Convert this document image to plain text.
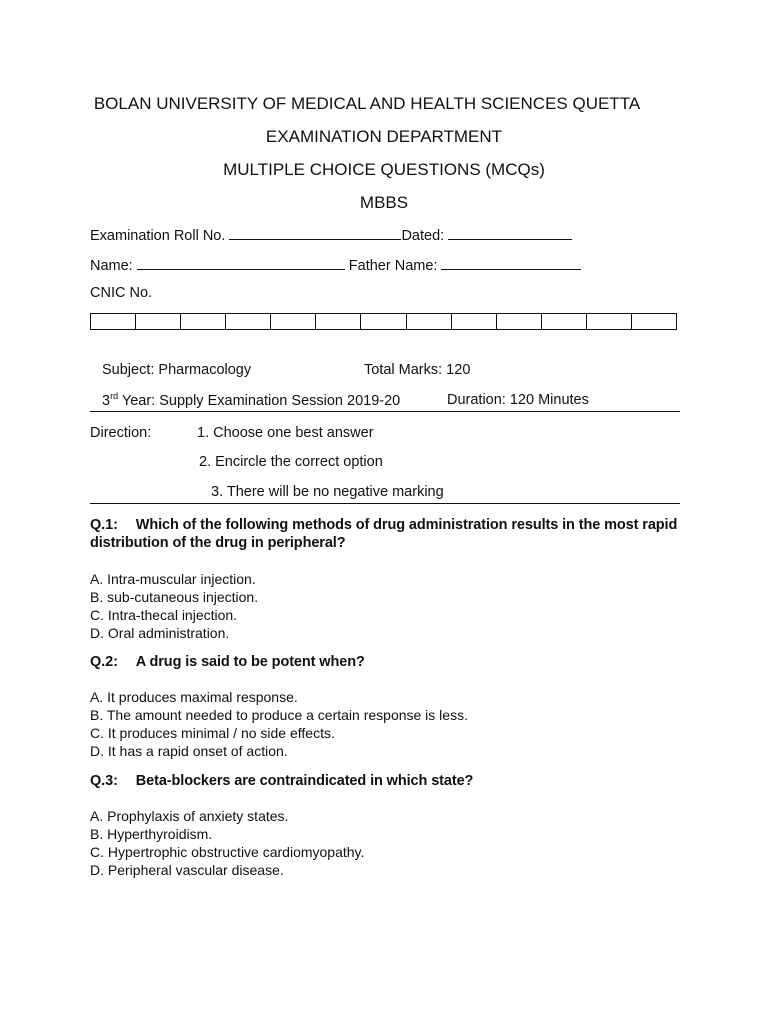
BOLAN UNIVERSITY OF MEDICAL AND HEALTH SCIENCES QUETTA
EXAMINATION DEPARTMENT
MULTIPLE CHOICE QUESTIONS (MCQs)
MBBS
Examination Roll No.	Dated:
Name:	Father Name:
CNIC No.
Subject: Pharmacology	Total Marks: 120
3rd Year: Supply Examination Session 2019-20	Duration: 120 Minutes
Direction:	1. Choose one best answer
2. Encircle the correct option
3. There will be no negative marking
Q.1: Which of the following methods of drug administration results in the most rapid
distribution of the drug in peripheral?
A. Intra-muscular injection.
B. sub-cutaneous injection.
C. Intra-thecal injection.
D. Oral administration.
Q.2: A drug is said to be potent when?
A. It produces maximal response.
B. The amount needed to produce a certain response is less.
C. It produces minimal / no side effects.
D. It has a rapid onset of action.
Q.3: Beta-blockers are contraindicated in which state?
A. Prophylaxis of anxiety states.
B. Hyperthyroidism.
C. Hypertrophic obstructive cardiomyopathy.
D. Peripheral vascular disease.
